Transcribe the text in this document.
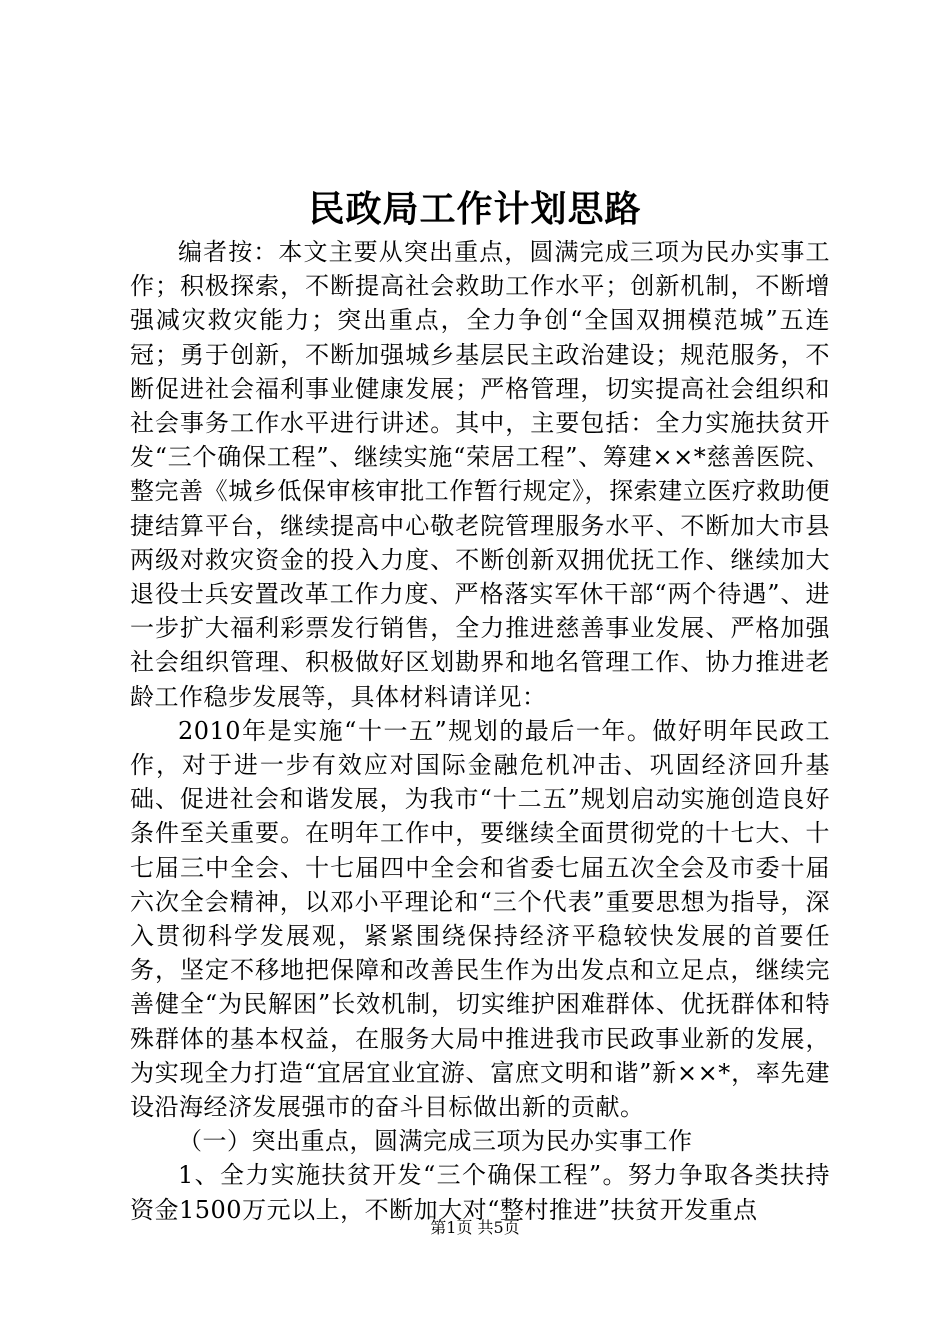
民政局工作计划思路

编者按：本文主要从突出重点，圆满完成三项为民办实事工作；积极探索，不断提高社会救助工作水平；创新机制，不断增强减灾救灾能力；突出重点，全力争创“全国双拥模范城”五连冠；勇于创新，不断加强城乡基层民主政治建设；规范服务，不断促进社会福利事业健康发展；严格管理，切实提高社会组织和社会事务工作水平进行讲述。其中，主要包括：全力实施扶贫开发“三个确保工程”、继续实施“荣居工程”、筹建××*慈善医院、整完善《城乡低保审核审批工作暂行规定》，探索建立医疗救助便捷结算平台，继续提高中心敬老院管理服务水平、不断加大市县两级对救灾资金的投入力度、不断创新双拥优抚工作、继续加大退役士兵安置改革工作力度、严格落实军休干部“两个待遇”、进一步扩大福利彩票发行销售，全力推进慈善事业发展、严格加强社会组织管理、积极做好区划勘界和地名管理工作、协力推进老龄工作稳步发展等，具体材料请详见：

2010年是实施“十一五”规划的最后一年。做好明年民政工作，对于进一步有效应对国际金融危机冲击、巩固经济回升基础、促进社会和谐发展，为我市“十二五”规划启动实施创造良好条件至关重要。在明年工作中，要继续全面贯彻党的十七大、十七届三中全会、十七届四中全会和省委七届五次全会及市委十届六次全会精神，以邓小平理论和“三个代表”重要思想为指导，深入贯彻科学发展观，紧紧围绕保持经济平稳较快发展的首要任务，坚定不移地把保障和改善民生作为出发点和立足点，继续完善健全“为民解困”长效机制，切实维护困难群体、优抚群体和特殊群体的基本权益，在服务大局中推进我市民政事业新的发展，为实现全力打造“宜居宜业宜游、富庶文明和谐”新××*，率先建设沿海经济发展强市的奋斗目标做出新的贡献。

（一）突出重点，圆满完成三项为民办实事工作

1、全力实施扶贫开发“三个确保工程”。努力争取各类扶持资金1500万元以上，不断加大对“整村推进”扶贫开发重点

第1页 共5页
